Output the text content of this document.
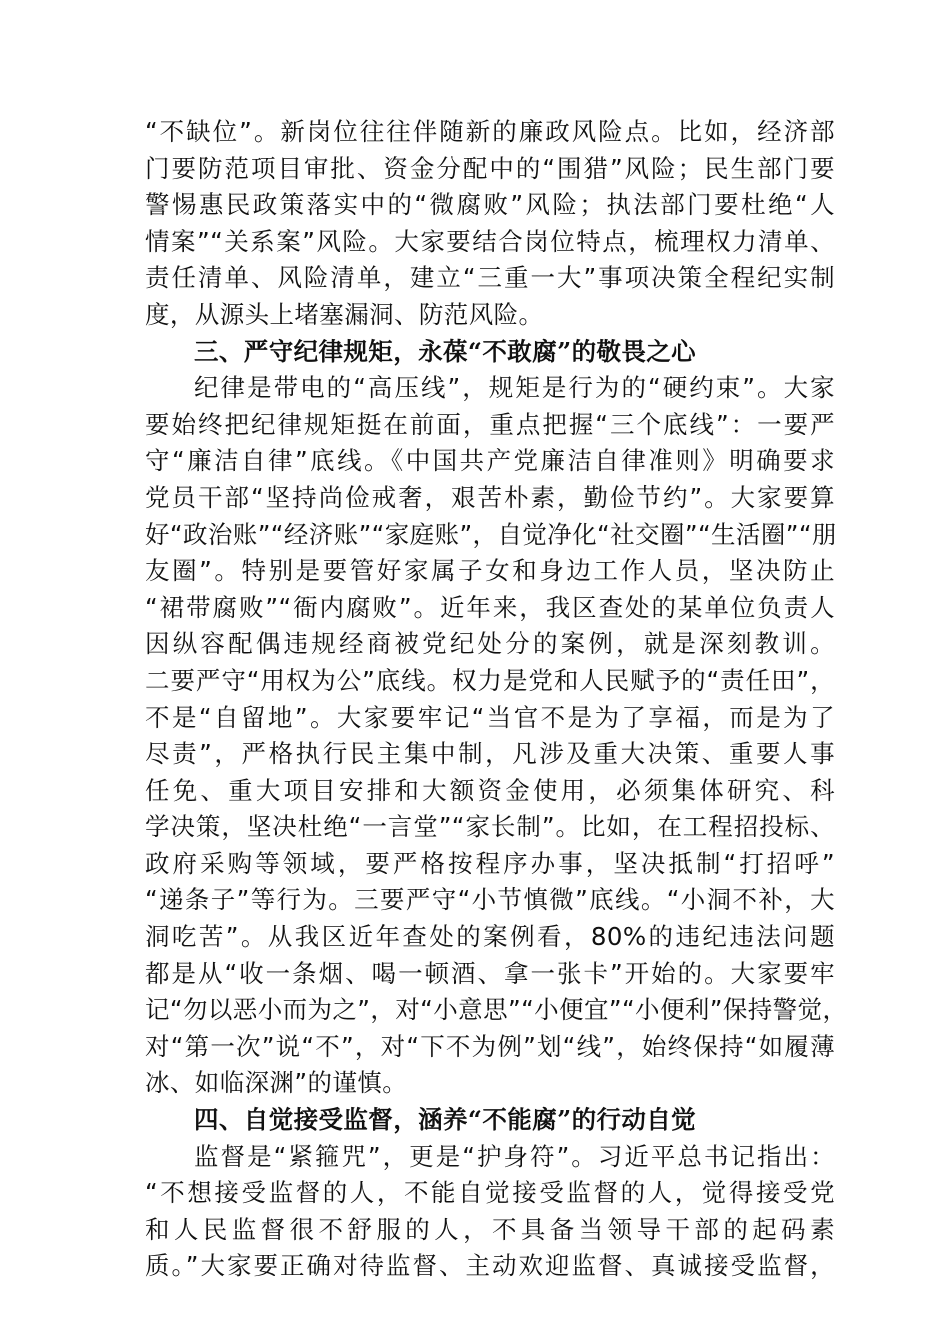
“不缺位”。新岗位往往伴随新的廉政风险点。比如，经济部
门要防范项目审批、资金分配中的“围猎”风险；民生部门要
警惕惠民政策落实中的“微腐败”风险；执法部门要杜绝“人
情案”“关系案”风险。大家要结合岗位特点，梳理权力清单、
责任清单、风险清单，建立“三重一大”事项决策全程纪实制
度，从源头上堵塞漏洞、防范风险。
三、严守纪律规矩，永葆“不敢腐”的敬畏之心
纪律是带电的“高压线”，规矩是行为的“硬约束”。大家
要始终把纪律规矩挺在前面，重点把握“三个底线”：一要严
守“廉洁自律”底线。《中国共产党廉洁自律准则》明确要求
党员干部“坚持尚俭戒奢，艰苦朴素，勤俭节约”。大家要算
好“政治账”“经济账”“家庭账”，自觉净化“社交圈”“生活圈”“朋
友圈”。特别是要管好家属子女和身边工作人员，坚决防止
“裙带腐败”“衙内腐败”。近年来，我区查处的某单位负责人
因纵容配偶违规经商被党纪处分的案例，就是深刻教训。
二要严守“用权为公”底线。权力是党和人民赋予的“责任田”，
不是“自留地”。大家要牢记“当官不是为了享福，而是为了
尽责”，严格执行民主集中制，凡涉及重大决策、重要人事
任免、重大项目安排和大额资金使用，必须集体研究、科
学决策，坚决杜绝“一言堂”“家长制”。比如，在工程招投标、
政府采购等领域，要严格按程序办事，坚决抵制“打招呼”
“递条子”等行为。三要严守“小节慎微”底线。“小洞不补，大
洞吃苦”。从我区近年查处的案例看，80%的违纪违法问题
都是从“收一条烟、喝一顿酒、拿一张卡”开始的。大家要牢
记“勿以恶小而为之”，对“小意思”“小便宜”“小便利”保持警觉，
对“第一次”说“不”，对“下不为例”划“线”，始终保持“如履薄
冰、如临深渊”的谨慎。
四、自觉接受监督，涵养“不能腐”的行动自觉
监督是“紧箍咒”，更是“护身符”。习近平总书记指出：
“不想接受监督的人，不能自觉接受监督的人，觉得接受党
和人民监督很不舒服的人，不具备当领导干部的起码素
质。”大家要正确对待监督、主动欢迎监督、真诚接受监督，
